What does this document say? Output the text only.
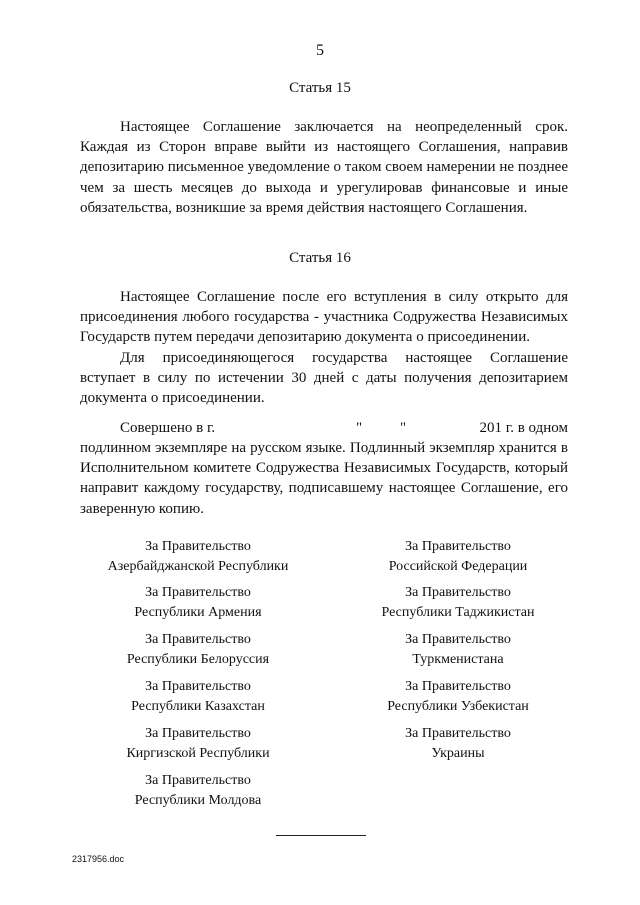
5
Статья 15

Настоящее Соглашение заключается на неопределенный срок. Каждая из Сторон вправе выйти из настоящего Соглашения, направив депозитарию письменное уведомление о таком своем намерении не позднее чем за шесть месяцев до выхода и урегулировав финансовые и иные обязательства, возникшие за время действия настоящего Соглашения.

Статья 16

Настоящее Соглашение после его вступления в силу открыто для присоединения любого государства - участника Содружества Независимых Государств путем передачи депозитарию документа о присоединении.

Для присоединяющегося государства настоящее Соглашение вступает в силу по истечении 30 дней с даты получения депозитарием документа о присоединении.

Совершено в г.	"	"	201 г. в одном

подлинном экземпляре на русском языке. Подлинный экземпляр хранится в Исполнительном комитете Содружества Независимых Государств, который направит каждому государству, подписавшему настоящее Соглашение, его заверенную копию.

За Правительство
Азербайджанской Республики
За Правительство
Республики Армения
За Правительство
Республики Белоруссия
За Правительство
Республики Казахстан
За Правительство
Киргизской Республики
За Правительство
Республики Молдова
За Правительство
Российской Федерации
За Правительство
Республики Таджикистан
За Правительство
Туркменистана
За Правительство
Республики Узбекистан
За Правительство
Украины
2317956.doc
